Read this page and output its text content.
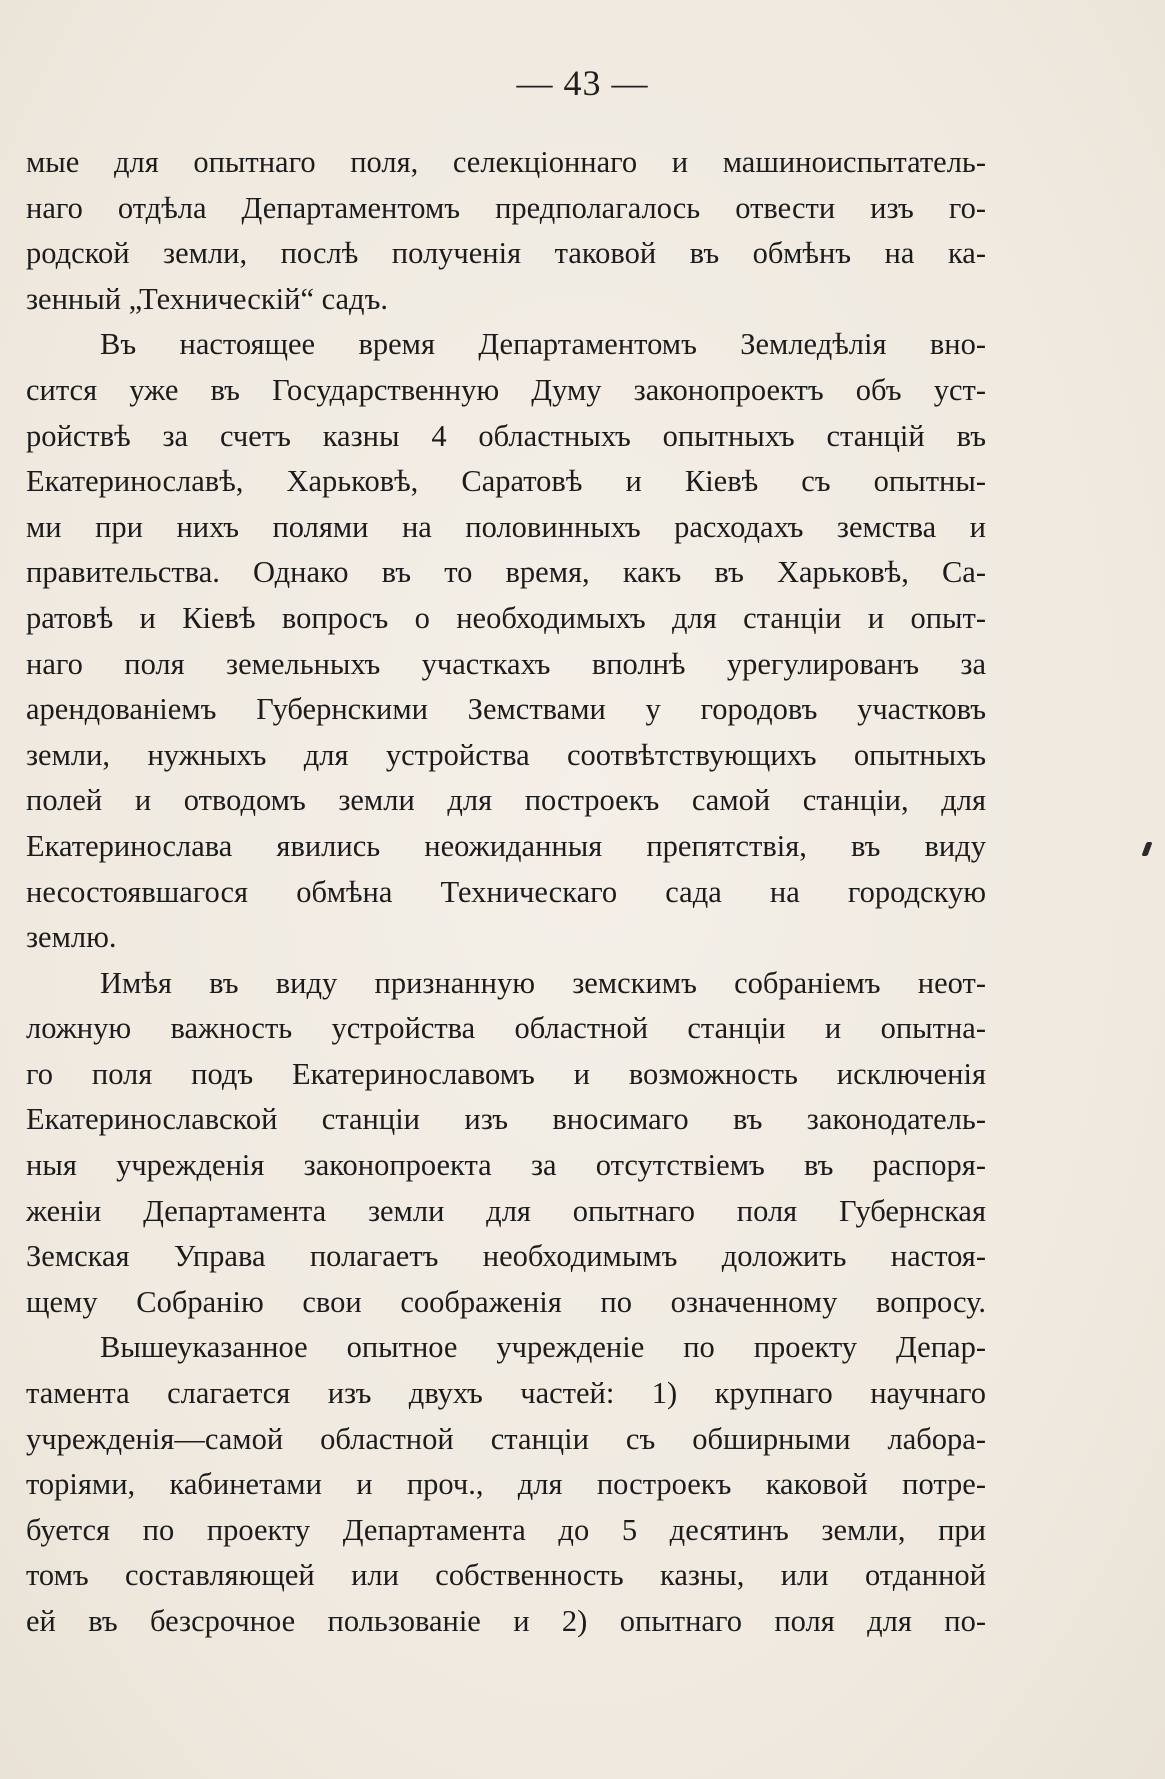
— 43 —
мые для опытнаго поля, селекціоннаго и машиноиспытатель-
наго отдѣла Департаментомъ предполагалось отвести изъ го-
родской земли, послѣ полученія таковой въ обмѣнъ на ка-
зенный „Техническій“ садъ.
Въ настоящее время Департаментомъ Земледѣлія вно-
сится уже въ Государственную Думу законопроектъ объ уст-
ройствѣ за счетъ казны 4 областныхъ опытныхъ станцій въ
Екатеринославѣ, Харьковѣ, Саратовѣ и Кіевѣ съ опытны-
ми при нихъ полями на половинныхъ расходахъ земства и
правительства. Однако въ то время, какъ въ Харьковѣ, Са-
ратовѣ и Кіевѣ вопросъ о необходимыхъ для станціи и опыт-
наго поля земельныхъ участкахъ вполнѣ урегулированъ за
арендованіемъ Губернскими Земствами у городовъ участковъ
земли, нужныхъ для устройства соотвѣтствующихъ опытныхъ
полей и отводомъ земли для построекъ самой станціи, для
Екатеринослава явились неожиданныя препятствія, въ виду
несостоявшагося обмѣна Техническаго сада на городскую
землю.
Имѣя въ виду признанную земскимъ собраніемъ неот-
ложную важность устройства областной станціи и опытна-
го поля подъ Екатеринославомъ и возможность исключенія
Екатеринославской станціи изъ вносимаго въ законодатель-
ныя учрежденія законопроекта за отсутствіемъ въ распоря-
женіи Департамента земли для опытнаго поля Губернская
Земская Управа полагаетъ необходимымъ доложить настоя-
щему Собранію свои соображенія по означенному вопросу.
Вышеуказанное опытное учрежденіе по проекту Депар-
тамента слагается изъ двухъ частей: 1) крупнаго научнаго
учрежденія—самой областной станціи съ обширными лабора-
торіями, кабинетами и проч., для построекъ каковой потре-
буется по проекту Департамента до 5 десятинъ земли, при
томъ составляющей или собственность казны, или отданной
ей въ безсрочное пользованіе и 2) опытнаго поля для по-
